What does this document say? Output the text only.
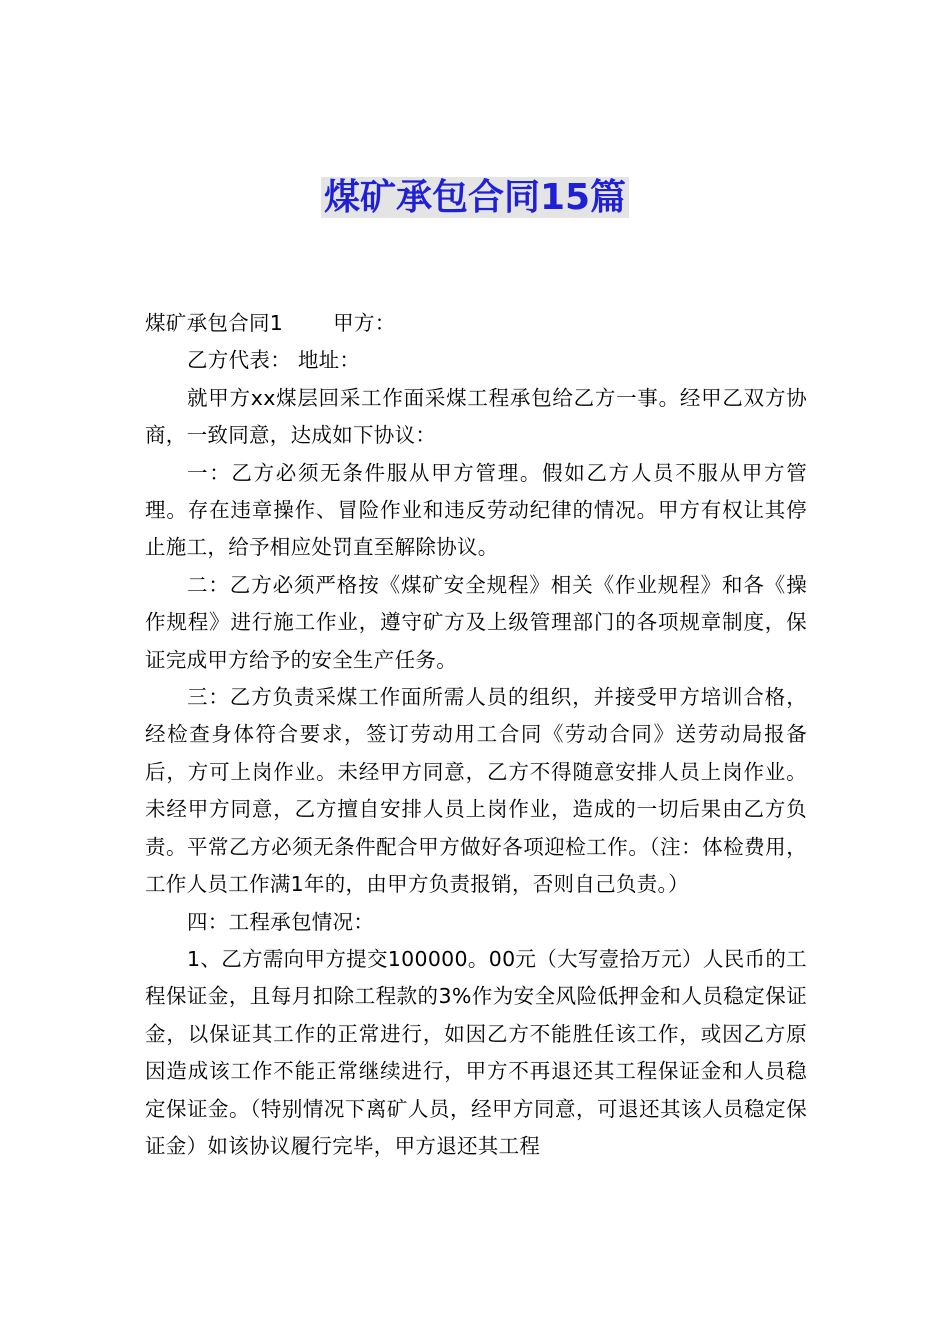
煤矿承包合同15篇

煤矿承包合同1 甲方：

乙方代表： 地址：

就甲方xx煤层回采工作面采煤工程承包给乙方一事。经甲乙双方协商，一致同意，达成如下协议：

一：乙方必须无条件服从甲方管理。假如乙方人员不服从甲方管理。存在违章操作、冒险作业和违反劳动纪律的情况。甲方有权让其停止施工，给予相应处罚直至解除协议。

二：乙方必须严格按《煤矿安全规程》相关《作业规程》和各《操作规程》进行施工作业，遵守矿方及上级管理部门的各项规章制度，保证完成甲方给予的安全生产任务。

三：乙方负责采煤工作面所需人员的组织，并接受甲方培训合格，经检查身体符合要求，签订劳动用工合同《劳动合同》送劳动局报备后，方可上岗作业。未经甲方同意，乙方不得随意安排人员上岗作业。未经甲方同意，乙方擅自安排人员上岗作业，造成的一切后果由乙方负责。平常乙方必须无条件配合甲方做好各项迎检工作。（注：体检费用，工作人员工作满1年的，由甲方负责报销，否则自己负责。）

四：工程承包情况：

1、乙方需向甲方提交100000。00元（大写壹拾万元）人民币的工程保证金，且每月扣除工程款的3%作为安全风险低押金和人员稳定保证金，以保证其工作的正常进行，如因乙方不能胜任该工作，或因乙方原因造成该工作不能正常继续进行，甲方不再退还其工程保证金和人员稳定保证金。（特别情况下离矿人员，经甲方同意，可退还其该人员稳定保证金）如该协议履行完毕，甲方退还其工程
